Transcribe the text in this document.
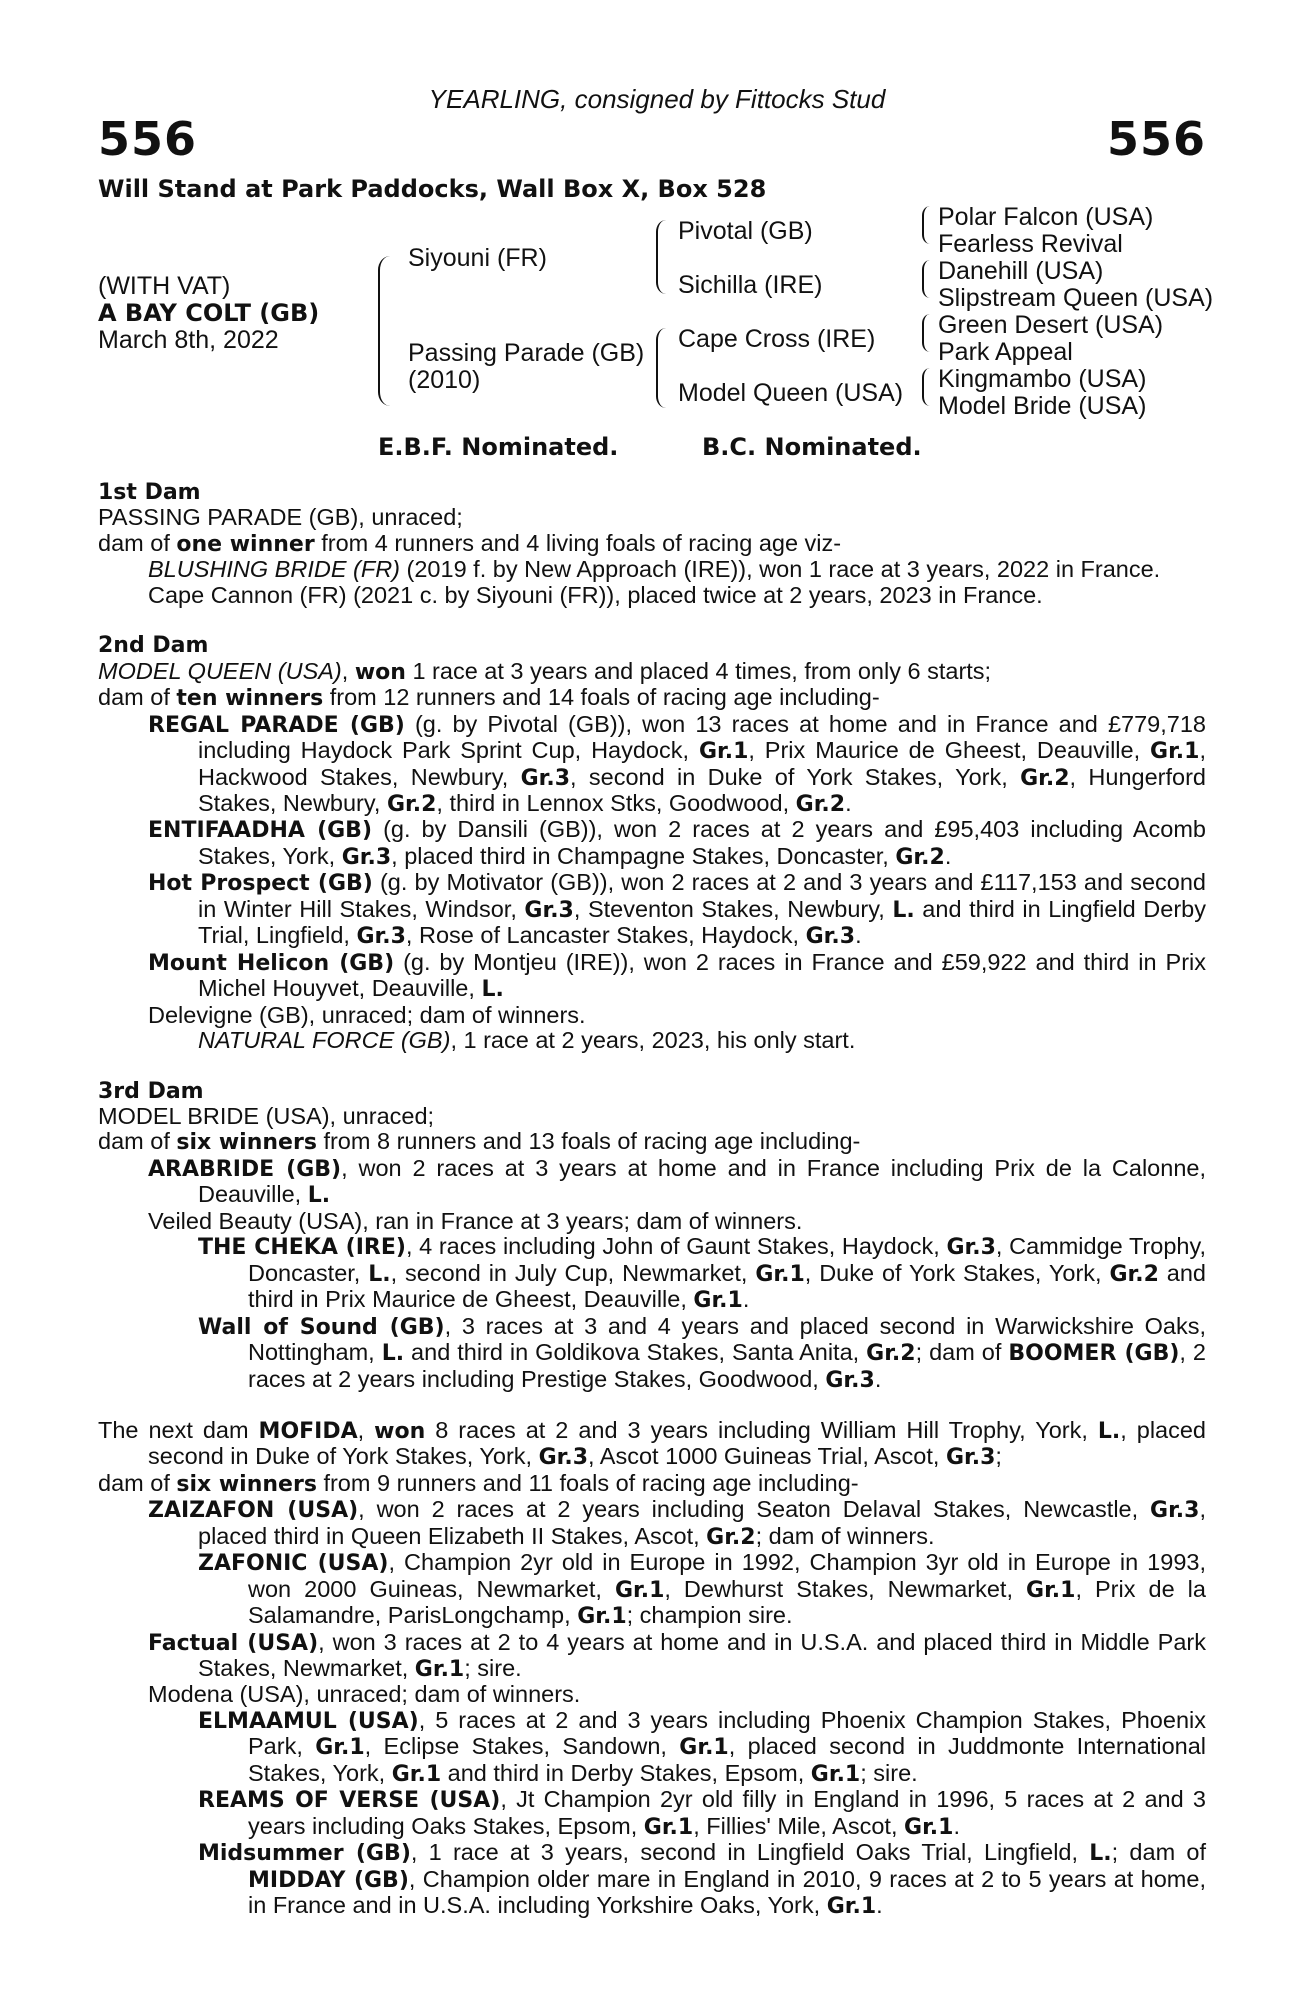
YEARLING, consigned by Fittocks Stud
556	556
Will Stand at Park Paddocks, Wall Box X, Box 528
(WITH VAT)
A BAY COLT (GB)
March 8th, 2022
Siyouni (FR)
Passing Parade (GB)
(2010)
Pivotal (GB)
Sichilla (IRE)
Cape Cross (IRE)
Model Queen (USA)
Polar Falcon (USA)
Fearless Revival
Danehill (USA)
Slipstream Queen (USA)
Green Desert (USA)
Park Appeal
Kingmambo (USA)
Model Bride (USA)
E.B.F. Nominated.	B.C. Nominated.
1st Dam
PASSING PARADE (GB), unraced;
dam of one winner from 4 runners and 4 living foals of racing age viz-
BLUSHING BRIDE (FR) (2019 f. by New Approach (IRE)), won 1 race at 3 years, 2022 in France.
Cape Cannon (FR) (2021 c. by Siyouni (FR)), placed twice at 2 years, 2023 in France.
2nd Dam
MODEL QUEEN (USA), won 1 race at 3 years and placed 4 times, from only 6 starts;
dam of ten winners from 12 runners and 14 foals of racing age including-
REGAL PARADE (GB) (g. by Pivotal (GB)), won 13 races at home and in France and £779,718 including Haydock Park Sprint Cup, Haydock, Gr.1, Prix Maurice de Gheest, Deauville, Gr.1, Hackwood Stakes, Newbury, Gr.3, second in Duke of York Stakes, York, Gr.2, Hungerford Stakes, Newbury, Gr.2, third in Lennox Stks, Goodwood, Gr.2.
ENTIFAADHA (GB) (g. by Dansili (GB)), won 2 races at 2 years and £95,403 including Acomb Stakes, York, Gr.3, placed third in Champagne Stakes, Doncaster, Gr.2.
Hot Prospect (GB) (g. by Motivator (GB)), won 2 races at 2 and 3 years and £117,153 and second in Winter Hill Stakes, Windsor, Gr.3, Steventon Stakes, Newbury, L. and third in Lingfield Derby Trial, Lingfield, Gr.3, Rose of Lancaster Stakes, Haydock, Gr.3.
Mount Helicon (GB) (g. by Montjeu (IRE)), won 2 races in France and £59,922 and third in Prix Michel Houyvet, Deauville, L.
Delevigne (GB), unraced; dam of winners.
NATURAL FORCE (GB), 1 race at 2 years, 2023, his only start.
3rd Dam
MODEL BRIDE (USA), unraced;
dam of six winners from 8 runners and 13 foals of racing age including-
ARABRIDE (GB), won 2 races at 3 years at home and in France including Prix de la Calonne, Deauville, L.
Veiled Beauty (USA), ran in France at 3 years; dam of winners.
THE CHEKA (IRE), 4 races including John of Gaunt Stakes, Haydock, Gr.3, Cammidge Trophy, Doncaster, L., second in July Cup, Newmarket, Gr.1, Duke of York Stakes, York, Gr.2 and third in Prix Maurice de Gheest, Deauville, Gr.1.
Wall of Sound (GB), 3 races at 3 and 4 years and placed second in Warwickshire Oaks, Nottingham, L. and third in Goldikova Stakes, Santa Anita, Gr.2; dam of BOOMER (GB), 2 races at 2 years including Prestige Stakes, Goodwood, Gr.3.
The next dam MOFIDA, won 8 races at 2 and 3 years including William Hill Trophy, York, L., placed second in Duke of York Stakes, York, Gr.3, Ascot 1000 Guineas Trial, Ascot, Gr.3;
dam of six winners from 9 runners and 11 foals of racing age including-
ZAIZAFON (USA), won 2 races at 2 years including Seaton Delaval Stakes, Newcastle, Gr.3, placed third in Queen Elizabeth II Stakes, Ascot, Gr.2; dam of winners.
ZAFONIC (USA), Champion 2yr old in Europe in 1992, Champion 3yr old in Europe in 1993, won 2000 Guineas, Newmarket, Gr.1, Dewhurst Stakes, Newmarket, Gr.1, Prix de la Salamandre, ParisLongchamp, Gr.1; champion sire.
Factual (USA), won 3 races at 2 to 4 years at home and in U.S.A. and placed third in Middle Park Stakes, Newmarket, Gr.1; sire.
Modena (USA), unraced; dam of winners.
ELMAAMUL (USA), 5 races at 2 and 3 years including Phoenix Champion Stakes, Phoenix Park, Gr.1, Eclipse Stakes, Sandown, Gr.1, placed second in Juddmonte International Stakes, York, Gr.1 and third in Derby Stakes, Epsom, Gr.1; sire.
REAMS OF VERSE (USA), Jt Champion 2yr old filly in England in 1996, 5 races at 2 and 3 years including Oaks Stakes, Epsom, Gr.1, Fillies' Mile, Ascot, Gr.1.
Midsummer (GB), 1 race at 3 years, second in Lingfield Oaks Trial, Lingfield, L.; dam of MIDDAY (GB), Champion older mare in England in 2010, 9 races at 2 to 5 years at home, in France and in U.S.A. including Yorkshire Oaks, York, Gr.1.
